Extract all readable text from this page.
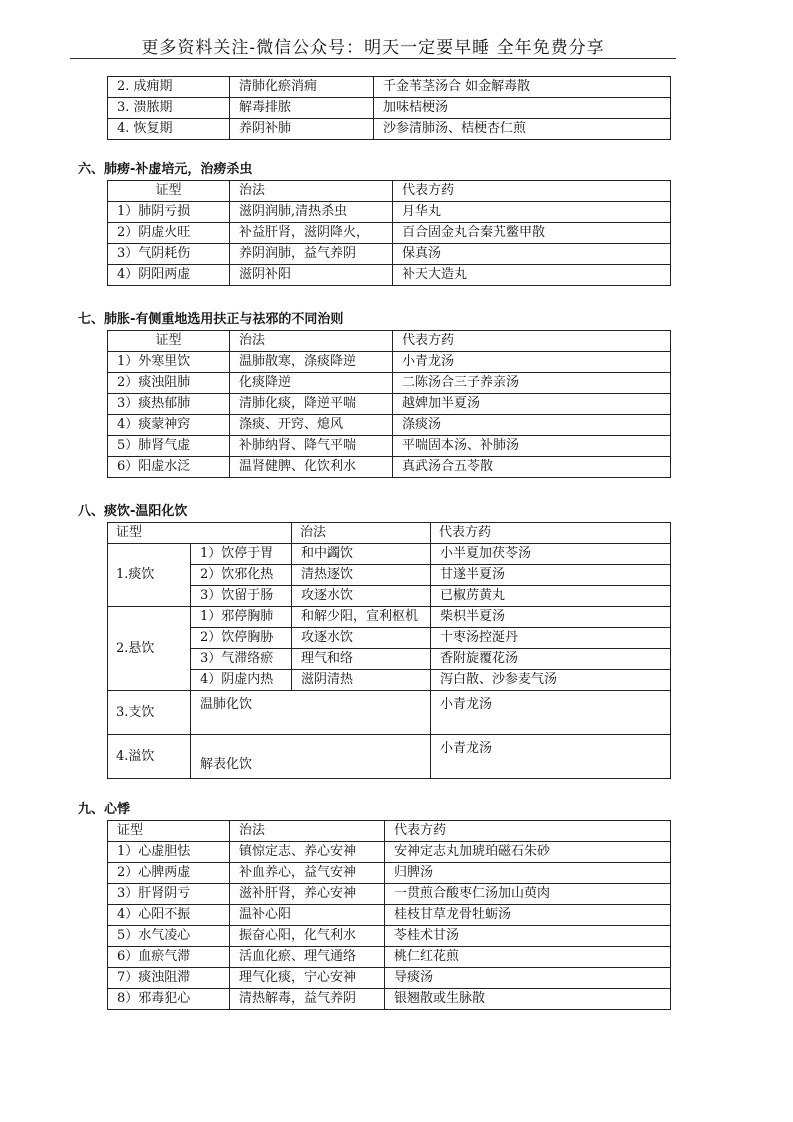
更多资料关注-微信公众号：明天一定要早睡 全年免费分享
2. 成痈期	清肺化瘀消痈	千金苇茎汤合 如金解毒散
3. 溃脓期	解毒排脓	加味桔梗汤
4. 恢复期	养阴补肺	沙参清肺汤、桔梗杏仁煎
六、肺痨-补虚培元，治痨杀虫
证型	治法	代表方药
1）肺阴亏损	滋阴润肺,清热杀虫	月华丸
2）阴虚火旺	补益肝肾，滋阴降火，	百合固金丸合秦艽鳖甲散
3）气阴耗伤	养阴润肺，益气养阴	保真汤
4）阴阳两虚	滋阴补阳	补天大造丸
七、肺胀-有侧重地选用扶正与祛邪的不同治则
证型	治法	代表方药
1）外寒里饮	温肺散寒，涤痰降逆	小青龙汤
2）痰浊阻肺	化痰降逆	二陈汤合三子养亲汤
3）痰热郁肺	清肺化痰，降逆平喘	越婢加半夏汤
4）痰蒙神窍	涤痰、开窍、熄风	涤痰汤
5）肺肾气虚	补肺纳肾、降气平喘	平喘固本汤、补肺汤
6）阳虚水泛	温肾健脾、化饮利水	真武汤合五苓散
八、痰饮-温阳化饮
证型		治法	代表方药
1.痰饮	1）饮停于胃	和中蠲饮	小半夏加茯苓汤
	2）饮邪化热	清热逐饮	甘遂半夏汤
	3）饮留于肠	攻逐水饮	已椒苈黄丸
2.悬饮	1）邪停胸肺	和解少阳，宣利枢机	柴枳半夏汤
	2）饮停胸胁	攻逐水饮	十枣汤控涎丹
	3）气滞络瘀	理气和络	香附旋覆花汤
	4）阴虚内热	滋阴清热	泻白散、沙参麦气汤
3.支饮	温肺化饮		小青龙汤
4.溢饮	解表化饮		小青龙汤
九、心悸
证型	治法	代表方药
1）心虚胆怯	镇惊定志、养心安神	安神定志丸加琥珀磁石朱砂
2）心脾两虚	补血养心，益气安神	归脾汤
3）肝肾阴亏	滋补肝肾，养心安神	一贯煎合酸枣仁汤加山萸肉
4）心阳不振	温补心阳	桂枝甘草龙骨牡蛎汤
5）水气凌心	振奋心阳，化气利水	苓桂术甘汤
6）血瘀气滞	活血化瘀、理气通络	桃仁红花煎
7）痰浊阻滞	理气化痰，宁心安神	导痰汤
8）邪毒犯心	清热解毒，益气养阴	银翘散或生脉散
